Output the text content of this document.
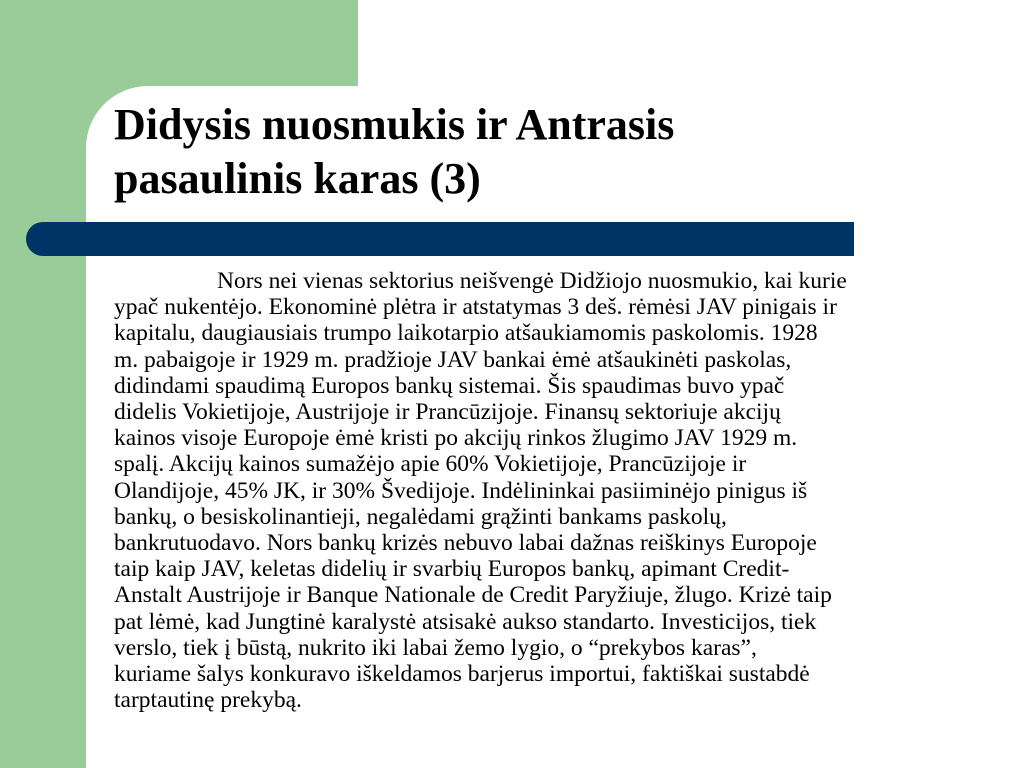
Didysis nuosmukis ir Antrasis
pasaulinis karas (3)

Nors nei vienas sektorius neišvengė Didžiojo nuosmukio, kai kurie
ypač nukentėjo. Ekonominė plėtra ir atstatymas 3 deš. rėmėsi JAV pinigais ir
kapitalu, daugiausiais trumpo laikotarpio atšaukiamomis paskolomis. 1928
m. pabaigoje ir 1929 m. pradžioje JAV bankai ėmė atšaukinėti paskolas,
didindami spaudimą Europos bankų sistemai. Šis spaudimas buvo ypač
didelis Vokietijoje, Austrijoje ir Prancūzijoje. Finansų sektoriuje akcijų
kainos visoje Europoje ėmė kristi po akcijų rinkos žlugimo JAV 1929 m.
spalį. Akcijų kainos sumažėjo apie 60% Vokietijoje, Prancūzijoje ir
Olandijoje, 45% JK, ir 30% Švedijoje. Indėlininkai pasiiminėjo pinigus iš
bankų, o besiskolinantieji, negalėdami grąžinti bankams paskolų,
bankrutuodavo. Nors bankų krizės nebuvo labai dažnas reiškinys Europoje
taip kaip JAV, keletas didelių ir svarbių Europos bankų, apimant Credit-
Anstalt Austrijoje ir Banque Nationale de Credit Paryžiuje, žlugo. Krizė taip
pat lėmė, kad Jungtinė karalystė atsisakė aukso standarto. Investicijos, tiek
verslo, tiek į būstą, nukrito iki labai žemo lygio, o “prekybos karas”,
kuriame šalys konkuravo iškeldamos barjerus importui, faktiškai sustabdė
tarptautinę prekybą.
